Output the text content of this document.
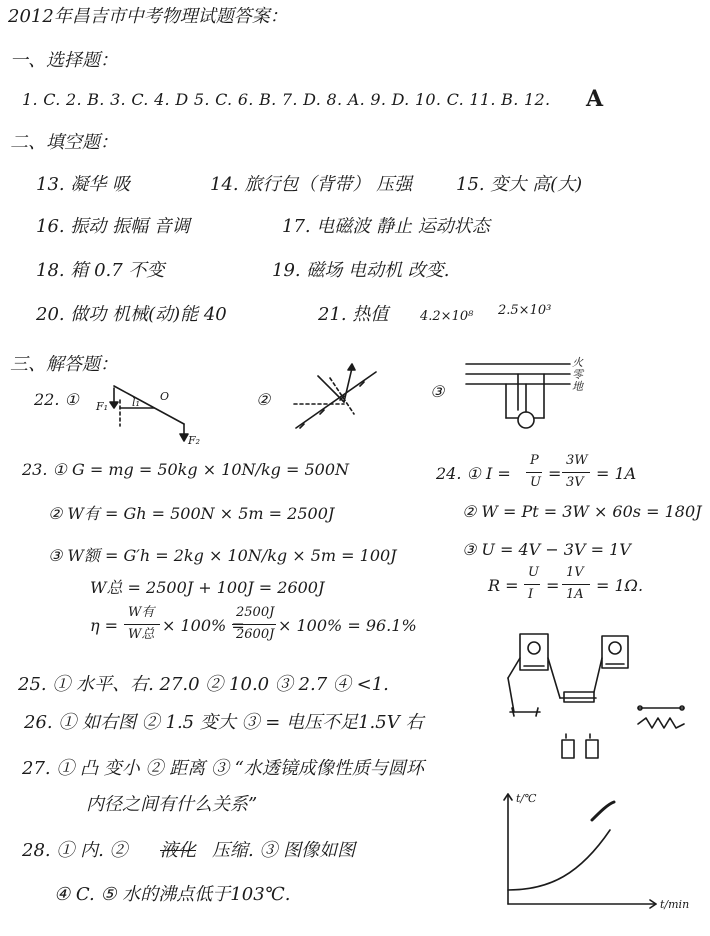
2012年昌吉市中考物理试题答案：
一、选择题：
1. C. 2. B. 3. C. 4. D 5. C. 6. B. 7. D. 8. A. 9. D. 10. C. 11. B. 12. A
二、填空题：
13. 凝华 吸	14. 旅行包（背带） 压强 15. 变大 高(大)
16. 振动 振幅 音调	17. 电磁波 静止 运动状态
18. 箱 0.7 不变	19. 磁场 电动机 改变.
20. 做功 机械(动)能 40	21. 热值 4.2×10⁸ 2.5×10³
三、解答题：
22. ①	②	③
F₁ l₁ O
F₂
火
零
地
23. ① G = mg = 50kg × 10N/kg = 500N
② W有 = Gh = 500N × 5m = 2500J
③ W额 = G′h = 2kg × 10N/kg × 5m = 100J
W总 = 2500J + 100J = 2600J
η =
W有
W总 × 100% =
2500J
2600J × 100% = 96.1%
24. ① I =
P
U =
3W
3V = 1A
② W = Pt = 3W × 60s = 180J
③ U = 4V − 3V = 1V
R =
U
I =
1V
1A = 1Ω.
25. ① 水平、右. 27.0 ② 10.0 ③ 2.7 ④ <1.
26. ① 如右图 ② 1.5 变大 ③ = 电压不足1.5V 右
27. ① 凸 变小 ② 距离 ③ “水透镜成像性质与圆环
内径之间有什么关系”
28. ① 内. ② 液化 压缩. ③ 图像如图
④ C. ⑤ 水的沸点低于103℃.
t/℃
t/min
